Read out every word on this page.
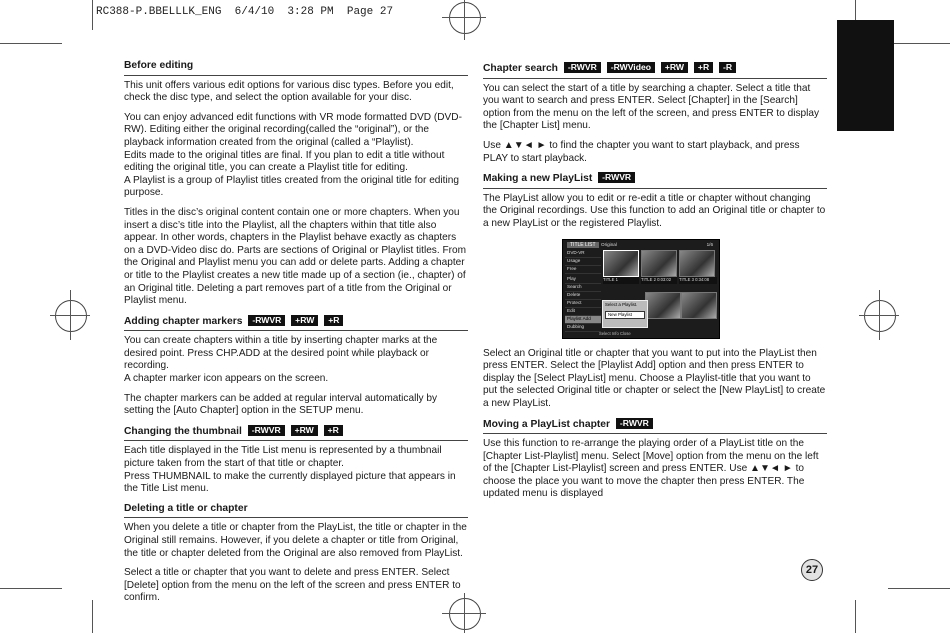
RC388-P.BBELLLK_ENG  6/4/10  3:28 PM  Page 27
Before editing

This unit offers various edit options for various disc types. Before you edit, check the disc type, and select the option available for your disc.

You can enjoy advanced edit functions with VR mode formatted DVD (DVD-RW). Editing either the original recording(called the “original”), or the playback information created from the original (called a “Playlist).

Edits made to the original titles are final. If you plan to edit a title without editing the original title, you can create a Playlist title for editing.

A Playlist is a group of Playlist titles created from the original title for editing purpose.

Titles in the disc’s original content contain one or more chapters. When you insert a disc’s title into the Playlist, all the chapters within that title also appear. In other words, chapters in the Playlist behave exactly as chapters on a DVD-Video disc do. Parts are sections of Original or Playlist titles. From the Original and Playlist menu you can add or delete parts. Adding a chapter or title to the Playlist creates a new title made up of a section (ie., chapter) of an Original title. Deleting a part removes part of a title from the Original or Playlist menu.

Adding chapter markers -RWVR +RW +R

You can create chapters within a title by inserting chapter marks at the desired point. Press CHP.ADD at the desired point while playback or recording.

A chapter marker icon appears on the screen.

The chapter markers can be added at regular interval automatically by setting the [Auto Chapter] option in the SETUP menu.

Changing the thumbnail -RWVR +RW +R

Each title displayed in the Title List menu is represented by a thumbnail picture taken from the start of that title or chapter.

Press THUMBNAIL to make the currently displayed picture that appears in the Title List menu.

Deleting a title or chapter

When you delete a title or chapter from the PlayList, the title or chapter in the Original still remains. However, if you delete a chapter or title from Original, the title or chapter deleted from the Original are also removed from PlayList.

Select a title or chapter that you want to delete and press ENTER. Select [Delete] option from the menu on the left of the screen and press ENTER to confirm.

Chapter search -RWVR -RWVideo +RW +R -R

You can select the start of a title by searching a chapter. Select a title that you want to search and press ENTER. Select [Chapter] in the [Search] option from the menu on the left of the screen, and press ENTER to display the [Chapter List] menu.

Use ▲▼◄ ► to find the chapter you want to start playback, and press PLAY to start playback.

Making a new PlayList -RWVR

The PlayList allow you to edit or re-edit a title or chapter without changing the Original recordings. Use this function to add an Original title or chapter to a new PlayList or the registered Playlist.

TITLE LIST	Original	1/6
DVD-VR
Usage
Free
Play
Search
Delete
Protect
Edit
Playlist Add
Dubbing
TITLE 1	TITLE 2 0:03:02	TITLE 3 0:34:08
Select a Playlist.
New Playlist
Select Info Close

Select an Original title or chapter that you want to put into the PlayList then press ENTER. Select the [Playlist Add] option and then press ENTER to display the [Select PlayList] menu. Choose a Playlist-title that you want to put the selected Original title or chapter or select the [New PlayList] to create a new PlayList.

Moving a PlayList chapter -RWVR

Use this function to re-arrange the playing order of a PlayList title on the [Chapter List-Playlist] menu. Select [Move] option from the menu on the left of the [Chapter List-Playlist] screen and press ENTER. Use ▲▼◄ ► to choose the place you want to move the chapter then press ENTER. The updated menu is displayed

27
